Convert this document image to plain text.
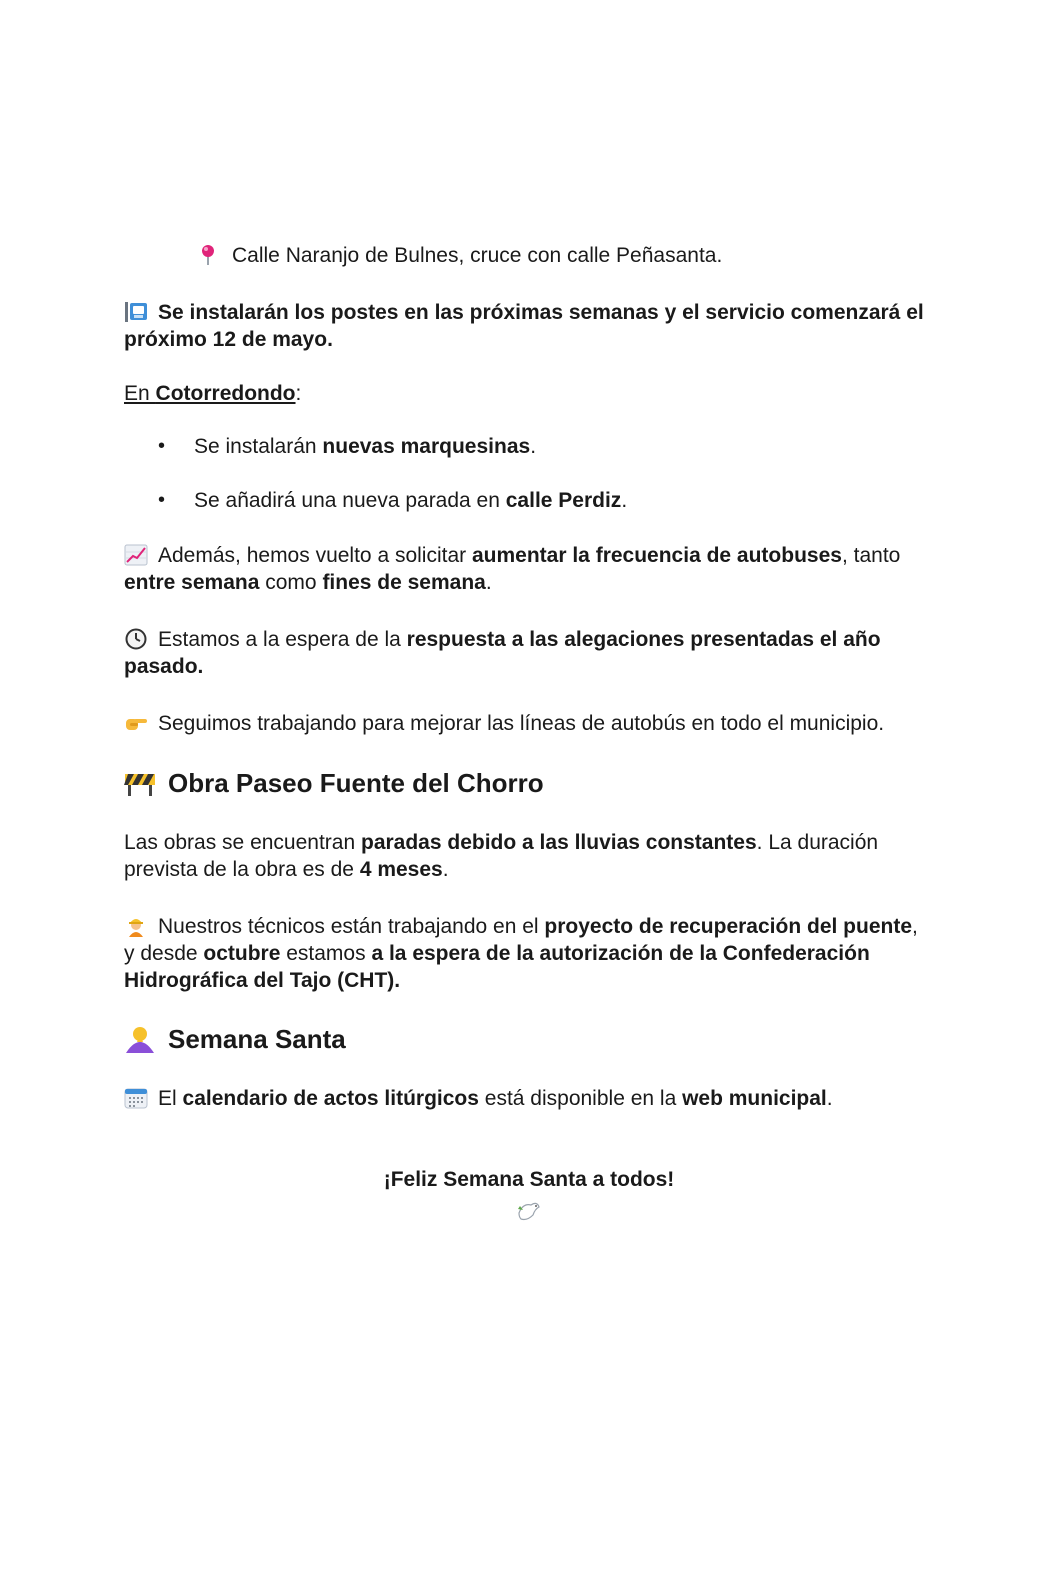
Calle Naranjo de Bulnes, cruce con calle Peñasanta.

Se instalarán los postes en las próximas semanas y el servicio comenzará el próximo 12 de mayo.

En Cotorredondo:

• Se instalarán nuevas marquesinas.
• Se añadirá una nueva parada en calle Perdiz.

Además, hemos vuelto a solicitar aumentar la frecuencia de autobuses, tanto entre semana como fines de semana.

Estamos a la espera de la respuesta a las alegaciones presentadas el año pasado.

Seguimos trabajando para mejorar las líneas de autobús en todo el municipio.

Obra Paseo Fuente del Chorro

Las obras se encuentran paradas debido a las lluvias constantes. La duración prevista de la obra es de 4 meses.

Nuestros técnicos están trabajando en el proyecto de recuperación del puente, y desde octubre estamos a la espera de la autorización de la Confederación Hidrográfica del Tajo (CHT).

Semana Santa

El calendario de actos litúrgicos está disponible en la web municipal.

¡Feliz Semana Santa a todos!
